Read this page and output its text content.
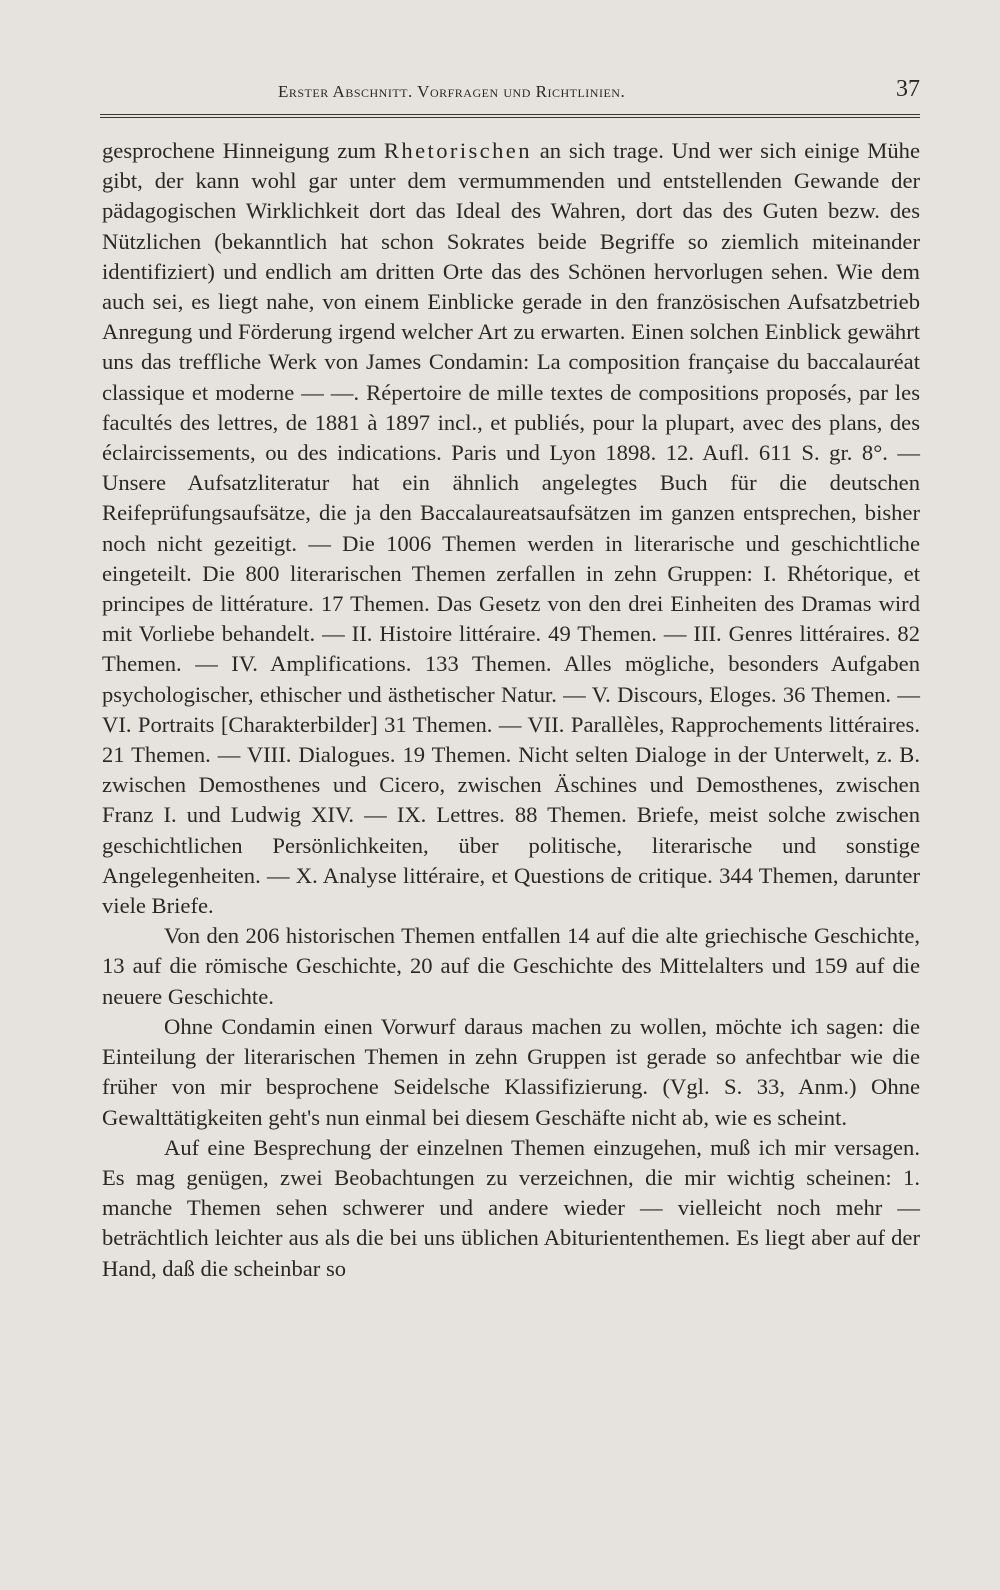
Erster Abschnitt. Vorfragen und Richtlinien.	37

gesprochene Hinneigung zum Rhetorischen an sich trage. Und wer sich einige Mühe gibt, der kann wohl gar unter dem vermummenden und entstellenden Gewande der pädagogischen Wirklichkeit dort das Ideal des Wahren, dort das des Guten bezw. des Nützlichen (bekanntlich hat schon Sokrates beide Begriffe so ziemlich miteinander identifiziert) und endlich am dritten Orte das des Schönen hervorlugen sehen. Wie dem auch sei, es liegt nahe, von einem Einblicke gerade in den französischen Aufsatzbetrieb Anregung und Förderung irgend welcher Art zu erwarten. Einen solchen Einblick gewährt uns das treffliche Werk von James Condamin: La composition française du baccalauréat classique et moderne — —. Répertoire de mille textes de compositions proposés, par les facultés des lettres, de 1881 à 1897 incl., et publiés, pour la plupart, avec des plans, des éclaircissements, ou des indications. Paris und Lyon 1898. 12. Aufl. 611 S. gr. 8°. — Unsere Aufsatzliteratur hat ein ähnlich angelegtes Buch für die deutschen Reifeprüfungsaufsätze, die ja den Baccalaureatsaufsätzen im ganzen entsprechen, bisher noch nicht gezeitigt. — Die 1006 Themen werden in literarische und geschichtliche eingeteilt. Die 800 literarischen Themen zerfallen in zehn Gruppen: I. Rhétorique, et principes de littérature. 17 Themen. Das Gesetz von den drei Einheiten des Dramas wird mit Vorliebe behandelt. — II. Histoire littéraire. 49 Themen. — III. Genres littéraires. 82 Themen. — IV. Amplifications. 133 Themen. Alles mögliche, besonders Aufgaben psychologischer, ethischer und ästhetischer Natur. — V. Discours, Eloges. 36 Themen. — VI. Portraits [Charakterbilder] 31 Themen. — VII. Parallèles, Rapprochements littéraires. 21 Themen. — VIII. Dialogues. 19 Themen. Nicht selten Dialoge in der Unterwelt, z. B. zwischen Demosthenes und Cicero, zwischen Äschines und Demosthenes, zwischen Franz I. und Ludwig XIV. — IX. Lettres. 88 Themen. Briefe, meist solche zwischen geschichtlichen Persönlichkeiten, über politische, literarische und sonstige Angelegenheiten. — X. Analyse littéraire, et Questions de critique. 344 Themen, darunter viele Briefe.

Von den 206 historischen Themen entfallen 14 auf die alte griechische Geschichte, 13 auf die römische Geschichte, 20 auf die Geschichte des Mittelalters und 159 auf die neuere Geschichte.

Ohne Condamin einen Vorwurf daraus machen zu wollen, möchte ich sagen: die Einteilung der literarischen Themen in zehn Gruppen ist gerade so anfechtbar wie die früher von mir besprochene Seidelsche Klassifizierung. (Vgl. S. 33, Anm.) Ohne Gewalttätigkeiten geht's nun einmal bei diesem Geschäfte nicht ab, wie es scheint.

Auf eine Besprechung der einzelnen Themen einzugehen, muß ich mir versagen. Es mag genügen, zwei Beobachtungen zu verzeichnen, die mir wichtig scheinen: 1. manche Themen sehen schwerer und andere wieder — vielleicht noch mehr — beträchtlich leichter aus als die bei uns üblichen Abituriententhemen. Es liegt aber auf der Hand, daß die scheinbar so
